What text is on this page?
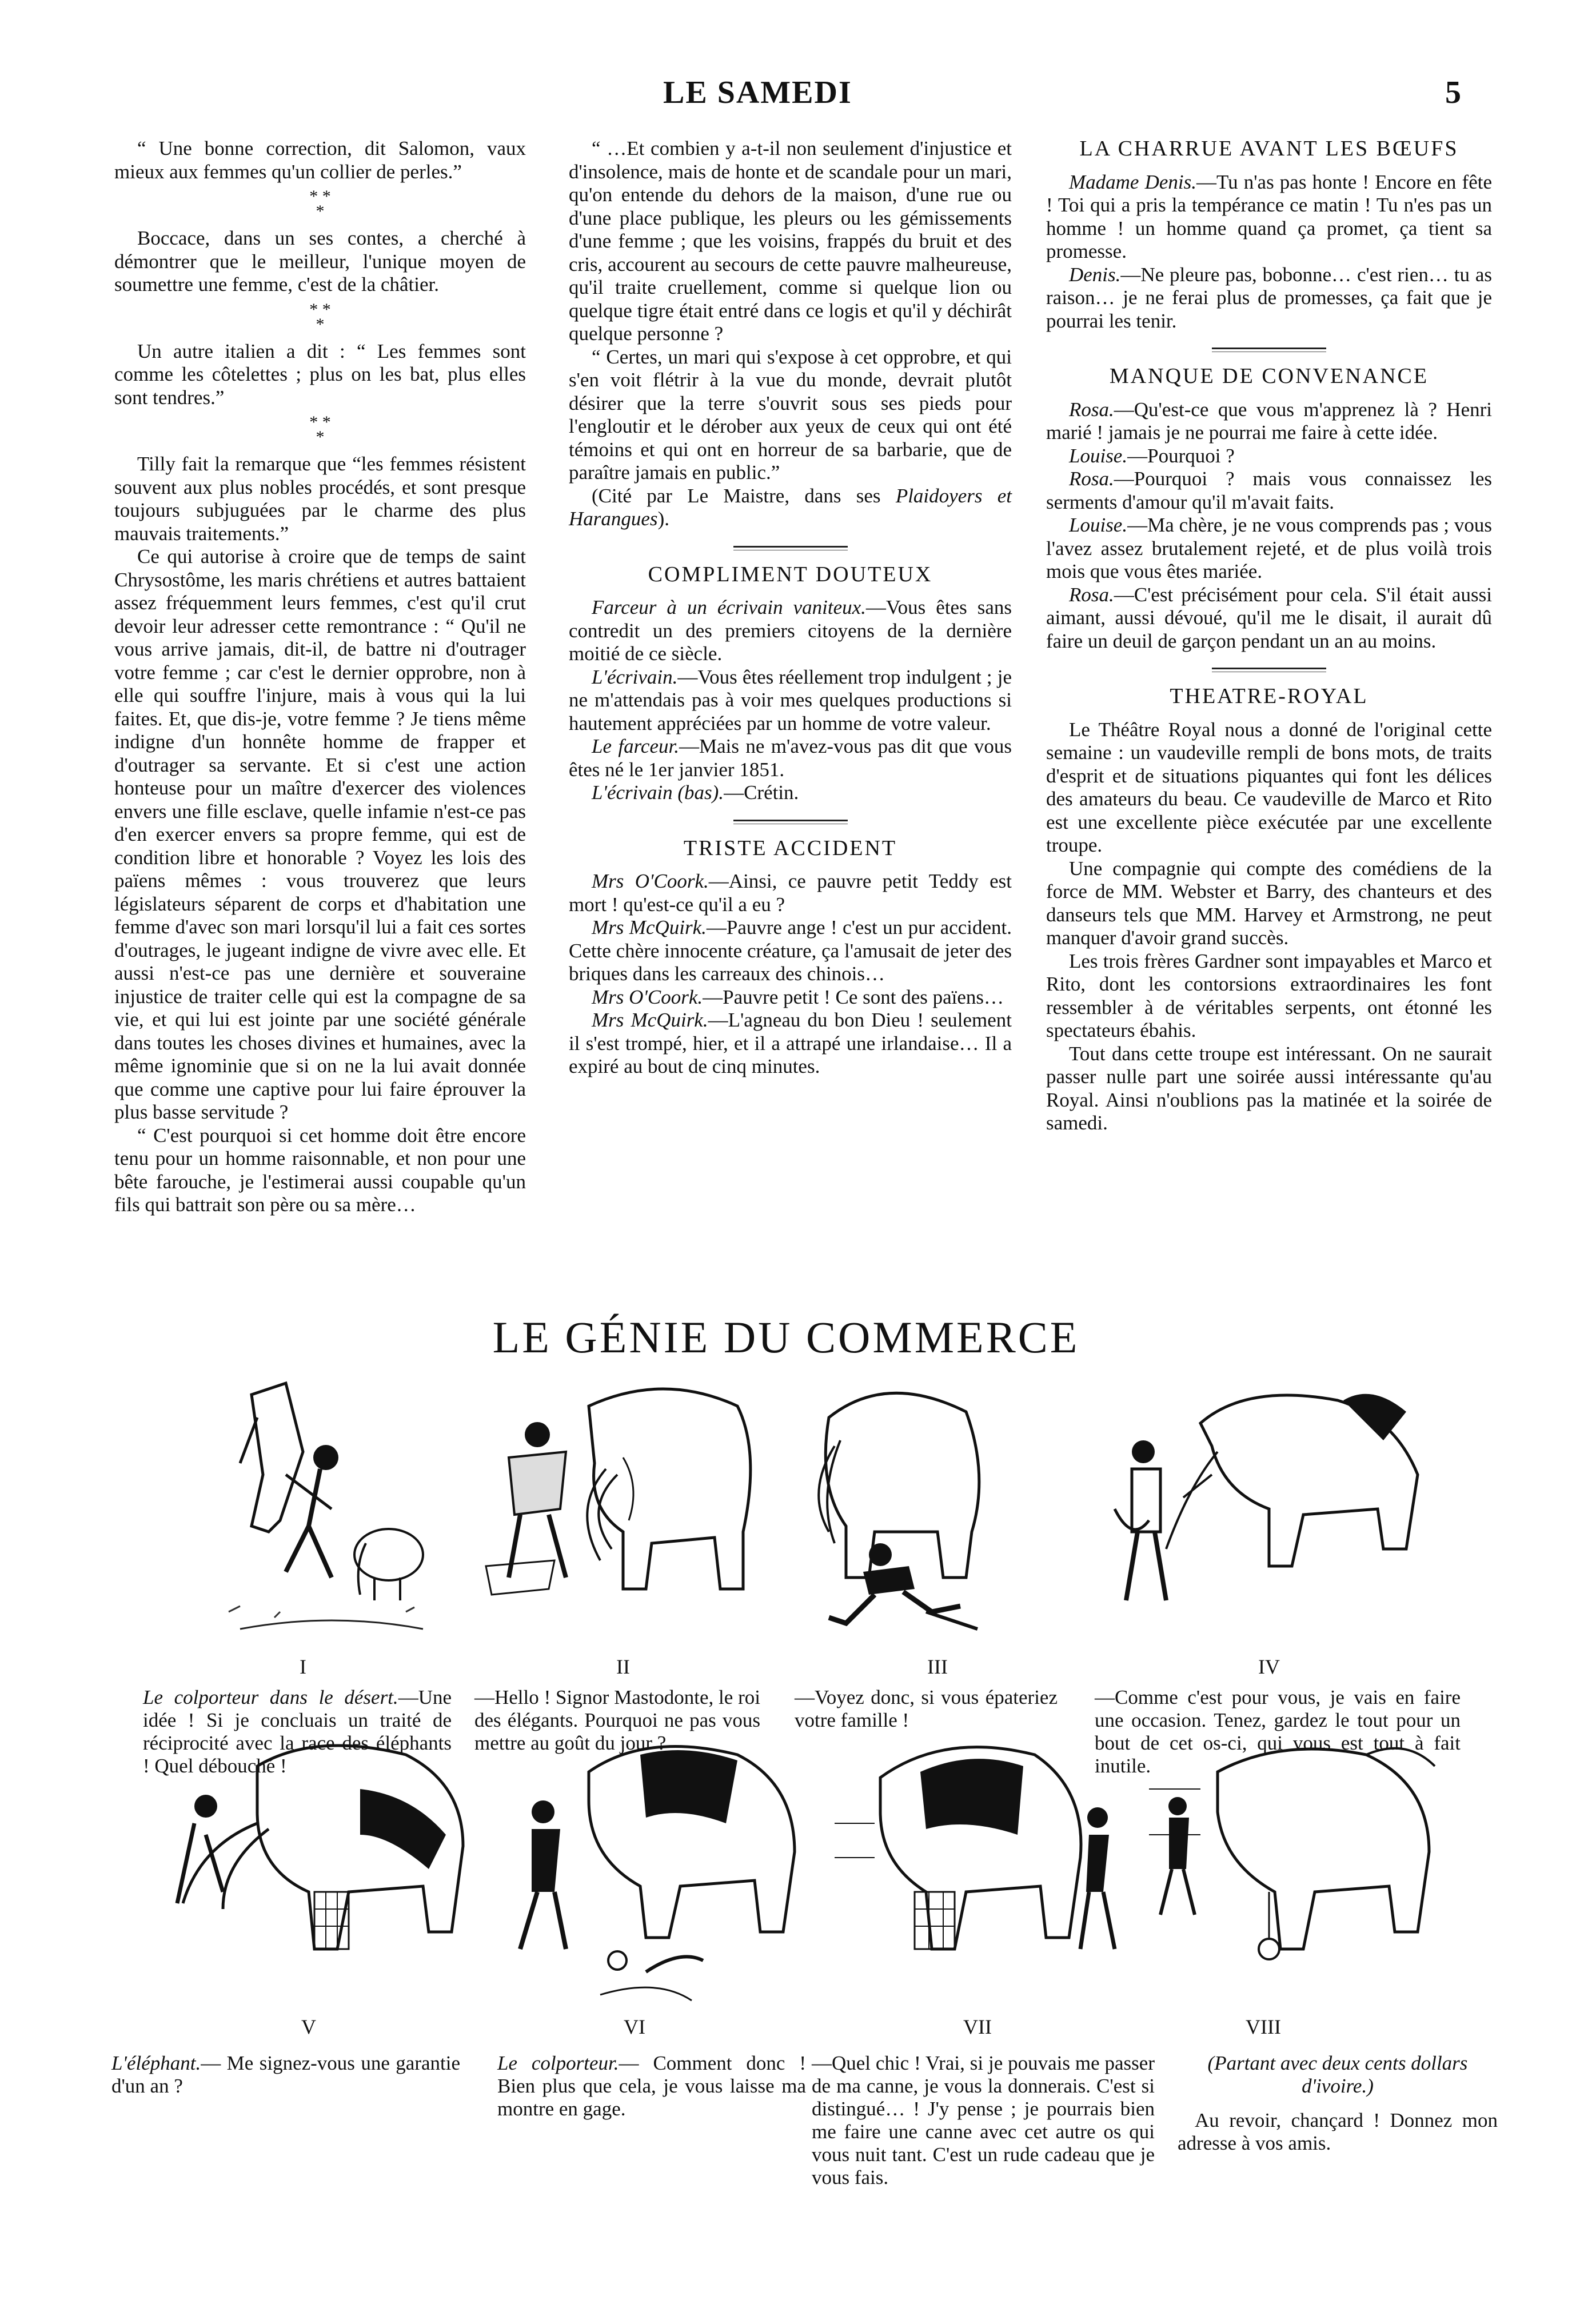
LE SAMEDI	5

“ Une bonne correction, dit Salomon, vaux mieux aux femmes qu'un collier de perles.”

* *
*

Boccace, dans un ses contes, a cherché à démontrer que le meilleur, l'unique moyen de soumettre une femme, c'est de la châtier.

* *
*

Un autre italien a dit : “ Les femmes sont comme les côtelettes ; plus on les bat, plus elles sont tendres.”

* *
*

Tilly fait la remarque que “les femmes résistent souvent aux plus nobles procédés, et sont presque toujours subjuguées par le charme des plus mauvais traitements.”

Ce qui autorise à croire que de temps de saint Chrysostôme, les maris chrétiens et autres battaient assez fréquemment leurs femmes, c'est qu'il crut devoir leur adresser cette remontrance : “ Qu'il ne vous arrive jamais, dit-il, de battre ni d'outrager votre femme ; car c'est le dernier opprobre, non à elle qui souffre l'injure, mais à vous qui la lui faites. Et, que dis-je, votre femme ? Je tiens même indigne d'un honnête homme de frapper et d'outrager sa servante. Et si c'est une action honteuse pour un maître d'exercer des violences envers une fille esclave, quelle infamie n'est-ce pas d'en exercer envers sa propre femme, qui est de condition libre et honorable ? Voyez les lois des païens mêmes : vous trouverez que leurs législateurs séparent de corps et d'habitation une femme d'avec son mari lorsqu'il lui a fait ces sortes d'outrages, le jugeant indigne de vivre avec elle. Et aussi n'est-ce pas une dernière et souveraine injustice de traiter celle qui est la compagne de sa vie, et qui lui est jointe par une société générale dans toutes les choses divines et humaines, avec la même ignominie que si on ne la lui avait donnée que comme une captive pour lui faire éprouver la plus basse servitude ?

“ C'est pourquoi si cet homme doit être encore tenu pour un homme raisonnable, et non pour une bête farouche, je l'estimerai aussi coupable qu'un fils qui battrait son père ou sa mère…

“ …Et combien y a-t-il non seulement d'injustice et d'insolence, mais de honte et de scandale pour un mari, qu'on entende du dehors de la maison, d'une rue ou d'une place publique, les pleurs ou les gémissements d'une femme ; que les voisins, frappés du bruit et des cris, accourent au secours de cette pauvre malheureuse, qu'il traite cruellement, comme si quelque lion ou quelque tigre était entré dans ce logis et qu'il y déchirât quelque personne ?

“ Certes, un mari qui s'expose à cet opprobre, et qui s'en voit flétrir à la vue du monde, devrait plutôt désirer que la terre s'ouvrit sous ses pieds pour l'engloutir et le dérober aux yeux de ceux qui ont été témoins et qui ont en horreur de sa barbarie, que de paraître jamais en public.”

(Cité par Le Maistre, dans ses Plaidoyers et Harangues).

COMPLIMENT DOUTEUX

Farceur à un écrivain vaniteux.—Vous êtes sans contredit un des premiers citoyens de la dernière moitié de ce siècle.

L'écrivain.—Vous êtes réellement trop indulgent ; je ne m'attendais pas à voir mes quelques productions si hautement appréciées par un homme de votre valeur.

Le farceur.—Mais ne m'avez-vous pas dit que vous êtes né le 1er janvier 1851.

L'écrivain (bas).—Crétin.

TRISTE ACCIDENT

Mrs O'Coork.—Ainsi, ce pauvre petit Teddy est mort ! qu'est-ce qu'il a eu ?

Mrs McQuirk.—Pauvre ange ! c'est un pur accident. Cette chère innocente créature, ça l'amusait de jeter des briques dans les carreaux des chinois…

Mrs O'Coork.—Pauvre petit ! Ce sont des païens…

Mrs McQuirk.—L'agneau du bon Dieu ! seulement il s'est trompé, hier, et il a attrapé une irlandaise… Il a expiré au bout de cinq minutes.

LA CHARRUE AVANT LES BŒUFS

Madame Denis.—Tu n'as pas honte ! Encore en fête ! Toi qui a pris la tempérance ce matin ! Tu n'es pas un homme ! un homme quand ça promet, ça tient sa promesse.

Denis.—Ne pleure pas, bobonne… c'est rien… tu as raison… je ne ferai plus de promesses, ça fait que je pourrai les tenir.

MANQUE DE CONVENANCE

Rosa.—Qu'est-ce que vous m'apprenez là ? Henri marié ! jamais je ne pourrai me faire à cette idée.

Louise.—Pourquoi ?

Rosa.—Pourquoi ? mais vous connaissez les serments d'amour qu'il m'avait faits.

Louise.—Ma chère, je ne vous comprends pas ; vous l'avez assez brutalement rejeté, et de plus voilà trois mois que vous êtes mariée.

Rosa.—C'est précisément pour cela. S'il était aussi aimant, aussi dévoué, qu'il me le disait, il aurait dû faire un deuil de garçon pendant un an au moins.

THEATRE-ROYAL

Le Théâtre Royal nous a donné de l'original cette semaine : un vaudeville rempli de bons mots, de traits d'esprit et de situations piquantes qui font les délices des amateurs du beau. Ce vaudeville de Marco et Rito est une excellente pièce exécutée par une excellente troupe.

Une compagnie qui compte des comédiens de la force de MM. Webster et Barry, des chanteurs et des danseurs tels que MM. Harvey et Armstrong, ne peut manquer d'avoir grand succès.

Les trois frères Gardner sont impayables et Marco et Rito, dont les contorsions extraordinaires les font ressembler à de véritables serpents, ont étonné les spectateurs ébahis.

Tout dans cette troupe est intéressant. On ne saurait passer nulle part une soirée aussi intéressante qu'au Royal. Ainsi n'oublions pas la matinée et la soirée de samedi.

LE GÉNIE DU COMMERCE
I	II	III	IV
V	VI	VII	VIII

Le colporteur dans le désert.—Une idée ! Si je concluais un traité de réciprocité avec la race des éléphants ! Quel débouché !

—Hello ! Signor Mastodonte, le roi des élégants. Pourquoi ne pas vous mettre au goût du jour ?

—Voyez donc, si vous épateriez votre famille !

—Comme c'est pour vous, je vais en faire une occasion. Tenez, gardez le tout pour un bout de cet os-ci, qui vous est tout à fait inutile.

L'éléphant.— Me signez-vous une garantie d'un an ?

Le colporteur.— Comment donc ! Bien plus que cela, je vous laisse ma montre en gage.

—Quel chic ! Vrai, si je pouvais me passer de ma canne, je vous la donnerais. C'est si distingué… ! J'y pense ; je pourrais bien me faire une canne avec cet autre os qui vous nuit tant. C'est un rude cadeau que je vous fais.

(Partant avec deux cents dollars d'ivoire.)

Au revoir, chançard ! Donnez mon adresse à vos amis.
